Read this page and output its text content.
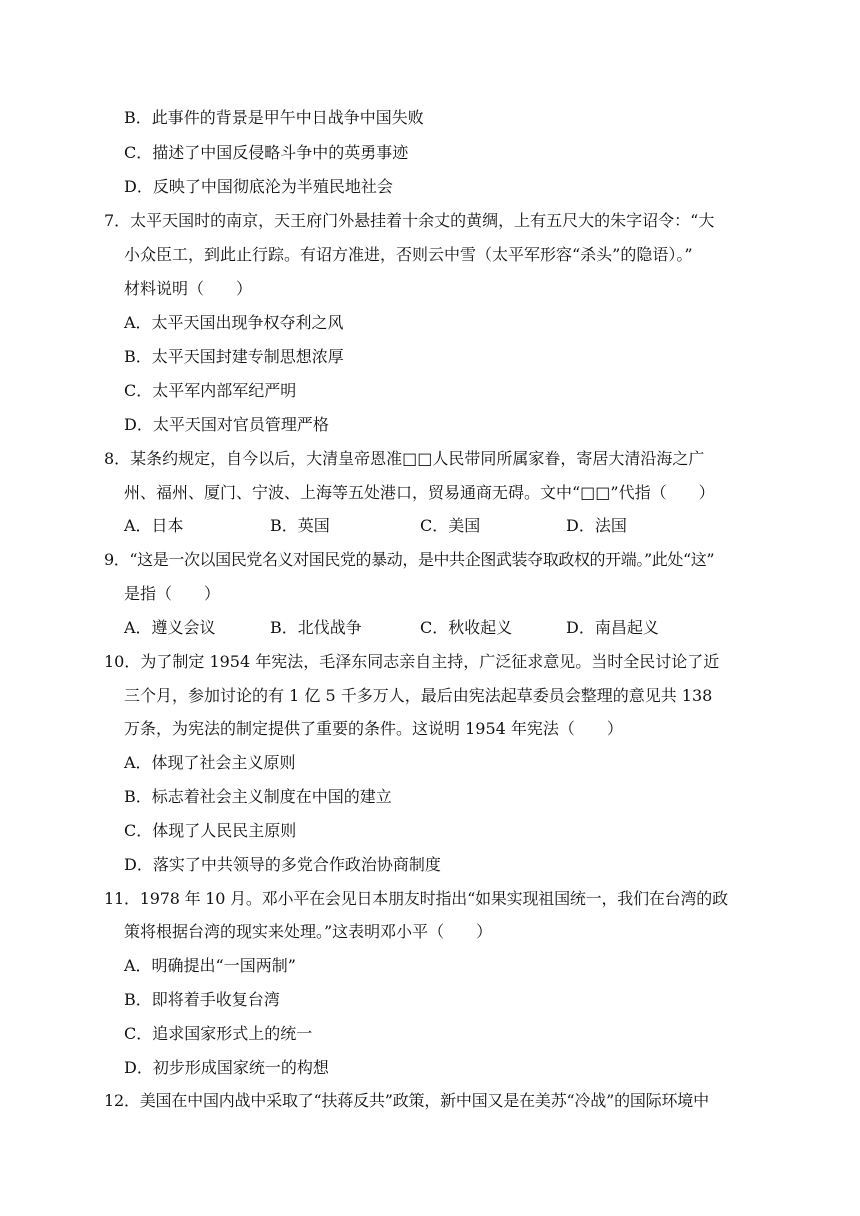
B．此事件的背景是甲午中日战争中国失败
C．描述了中国反侵略斗争中的英勇事迹
D．反映了中国彻底沦为半殖民地社会
7．太平天国时的南京，天王府门外悬挂着十余丈的黄绸，上有五尺大的朱字诏令：“大
小众臣工，到此止行踪。有诏方准进，否则云中雪（太平军形容“杀头”的隐语）。”
材料说明（　　）
A．太平天国出现争权夺利之风
B．太平天国封建专制思想浓厚
C．太平军内部军纪严明
D．太平天国对官员管理严格
8．某条约规定，自今以后，大清皇帝恩准□□人民带同所属家眷，寄居大清沿海之广
州、福州、厦门、宁波、上海等五处港口，贸易通商无碍。文中“□□”代指（　　）
A．日本	B．英国	C．美国	D．法国
9．“这是一次以国民党名义对国民党的暴动，是中共企图武装夺取政权的开端。”此处“这”
是指（　　）
A．遵义会议	B．北伐战争	C．秋收起义	D．南昌起义
10．为了制定 1954 年宪法，毛泽东同志亲自主持，广泛征求意见。当时全民讨论了近
三个月，参加讨论的有 1 亿 5 千多万人，最后由宪法起草委员会整理的意见共 138
万条，为宪法的制定提供了重要的条件。这说明 1954 年宪法（　　）
A．体现了社会主义原则
B．标志着社会主义制度在中国的建立
C．体现了人民民主原则
D．落实了中共领导的多党合作政治协商制度
11．1978 年 10 月。邓小平在会见日本朋友时指出“如果实现祖国统一，我们在台湾的政
策将根据台湾的现实来处理。”这表明邓小平（　　）
A．明确提出“一国两制”
B．即将着手收复台湾
C．追求国家形式上的统一
D．初步形成国家统一的构想
12．美国在中国内战中采取了“扶蒋反共”政策，新中国又是在美苏“冷战”的国际环境中
